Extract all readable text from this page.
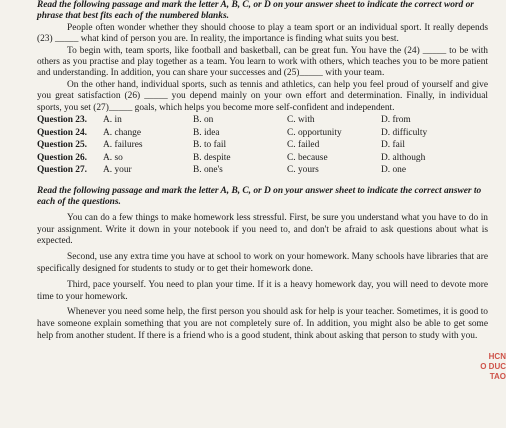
Read the following passage and mark the letter A, B, C, or D on your answer sheet to indicate the correct word or phrase that best fits each of the numbered blanks.

People often wonder whether they should choose to play a team sport or an individual sport. It really depends (23) _____ what kind of person you are. In reality, the importance is finding what suits you best.

To begin with, team sports, like football and basketball, can be great fun. You have the (24) _____ to be with others as you practise and play together as a team. You learn to work with others, which teaches you to be more patient and understanding. In addition, you can share your successes and (25)_____ with your team.

On the other hand, individual sports, such as tennis and athletics, can help you feel proud of yourself and give you great satisfaction (26) _____ you depend mainly on your own effort and determination. Finally, in individual sports, you set (27)_____ goals, which helps you become more self-confident and independent.

Question 23.	A. in	B. on	C. with	D. from
Question 24.	A. change	B. idea	C. opportunity	D. difficulty
Question 25.	A. failures	B. to fail	C. failed	D. fail
Question 26.	A. so	B. despite	C. because	D. although
Question 27.	A. your	B. one's	C. yours	D. one

Read the following passage and mark the letter A, B, C, or D on your answer sheet to indicate the correct answer to each of the questions.

You can do a few things to make homework less stressful. First, be sure you understand what you have to do in your assignment. Write it down in your notebook if you need to, and don't be afraid to ask questions about what is expected.

Second, use any extra time you have at school to work on your homework. Many schools have libraries that are specifically designed for students to study or to get their homework done.

Third, pace yourself. You need to plan your time. If it is a heavy homework day, you will need to devote more time to your homework.

Whenever you need some help, the first person you should ask for help is your teacher. Sometimes, it is good to have someone explain something that you are not completely sure of. In addition, you might also be able to get some help from another student. If there is a friend who is a good student, think about asking that person to study with you.

HCN
O DUC
TAO
